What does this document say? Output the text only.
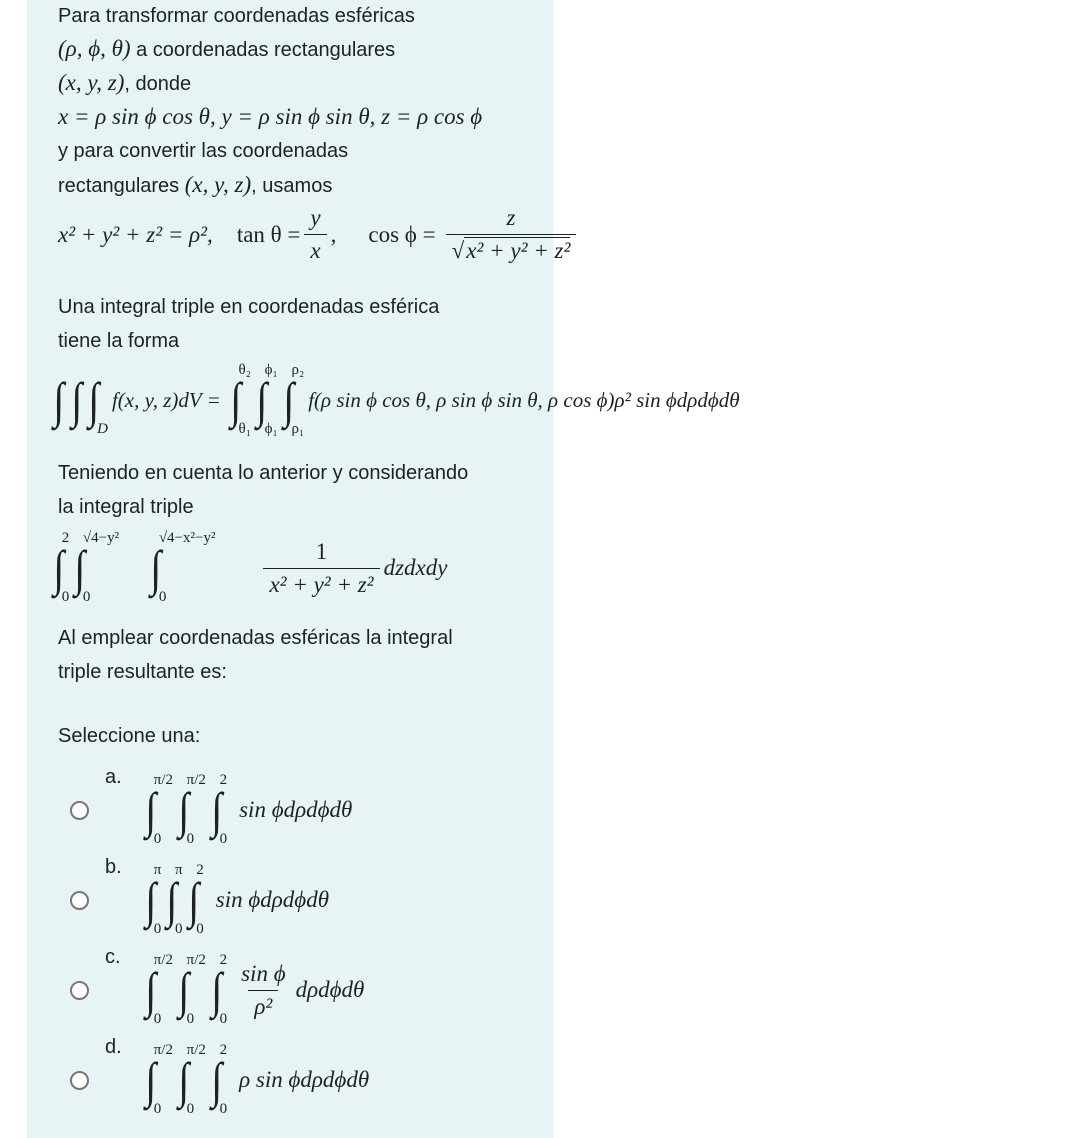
Para transformar coordenadas esféricas
(ρ, ϕ, θ) a coordenadas rectangulares
(x, y, z), donde
x = ρ sin ϕ cos θ, y = ρ sin ϕ sin θ, z = ρ cos ϕ
y para convertir las coordenadas
rectangulares (x, y, z), usamos
x² + y² + z² = ρ², $\tan \theta = \frac{y}{x}$ , $\cos \phi = \frac{z}{\text{√x² + y² + z²}}$
Una integral triple en coordenadas esférica
tiene la forma
∫ ∫ ∫
D
f(x, y, z)dV = ∫
θ₂
θ₁
∫
ϕ₁
ϕ₁
∫
ρ₂
ρ₁
f(ρ sin ϕ cos θ, ρ sin ϕ sin θ, ρ cos ϕ)ρ² sin ϕdρdϕdθ
Teniendo en cuenta lo anterior y considerando
la integral triple
∫
2
0
∫
√4−y²
0
∫
√4−x²−y²
0	$\frac{1}{\text{x² + y² + z²}}$ dzdxdy
Al emplear coordenadas esféricas la integral
triple resultante es:
Seleccione una:
a.
∫
π/2
0
∫
π/2
0
∫
2
0
sin ϕdρdϕdθ
b.
∫
π
0
∫
π
0
∫
2
0
sin ϕdρdϕdθ
c.
∫
π/2
0
∫
π/2
0
∫
2
$0 \frac{\text{sin ϕ}}{\text{ρ²}}$ dρdϕdθ
d.
∫
π/2
0
∫
π/2
0
∫
2
0
ρ sin ϕdρdϕdθ
